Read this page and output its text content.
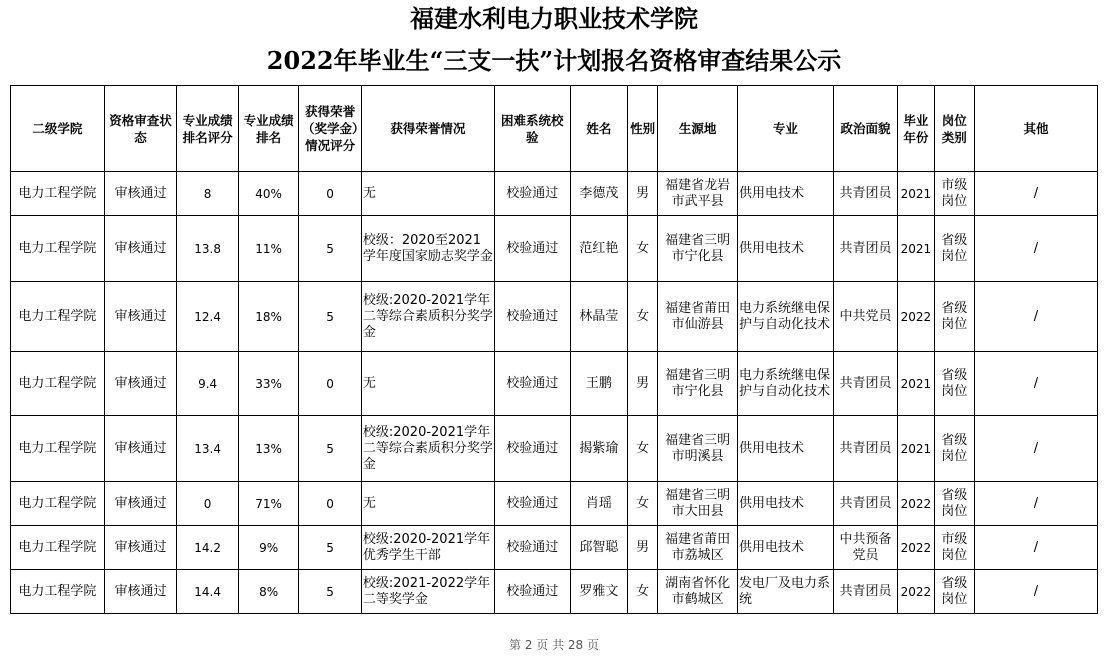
福建水利电力职业技术学院
2022年毕业生“三支一扶”计划报名资格审查结果公示
二级学院	资格审查状态	专业成绩排名评分	专业成绩排名	获得荣誉（奖学金）情况评分	获得荣誉情况	困难系统校验	姓名	性别	生源地	专业	政治面貌	毕业年份	岗位类别	其他
电力工程学院	审核通过	8	40%	0	无	校验通过	李德茂	男	福建省龙岩市武平县	供用电技术	共青团员	2021	市级岗位	/
电力工程学院	审核通过	13.8	11%	5	校级：2020至2021学年度国家励志奖学金	校验通过	范红艳	女	福建省三明市宁化县	供用电技术	共青团员	2021	省级岗位	/
电力工程学院	审核通过	12.4	18%	5	校级:2020-2021学年二等综合素质积分奖学金	校验通过	林晶莹	女	福建省莆田市仙游县	电力系统继电保护与自动化技术	中共党员	2022	省级岗位	/
电力工程学院	审核通过	9.4	33%	0	无	校验通过	王鹏	男	福建省三明市宁化县	电力系统继电保护与自动化技术	共青团员	2021	省级岗位	/
电力工程学院	审核通过	13.4	13%	5	校级:2020-2021学年二等综合素质积分奖学金	校验通过	揭紫瑜	女	福建省三明市明溪县	供用电技术	共青团员	2021	省级岗位	/
电力工程学院	审核通过	0	71%	0	无	校验通过	肖瑶	女	福建省三明市大田县	供用电技术	共青团员	2022	省级岗位	/
电力工程学院	审核通过	14.2	9%	5	校级:2020-2021学年优秀学生干部	校验通过	邱智聪	男	福建省莆田市荔城区	供用电技术	中共预备党员	2022	市级岗位	/
电力工程学院	审核通过	14.4	8%	5	校级:2021-2022学年二等奖学金	校验通过	罗雅文	女	湖南省怀化市鹤城区	发电厂及电力系统	共青团员	2022	省级岗位	/
第 2 页 共 28 页
